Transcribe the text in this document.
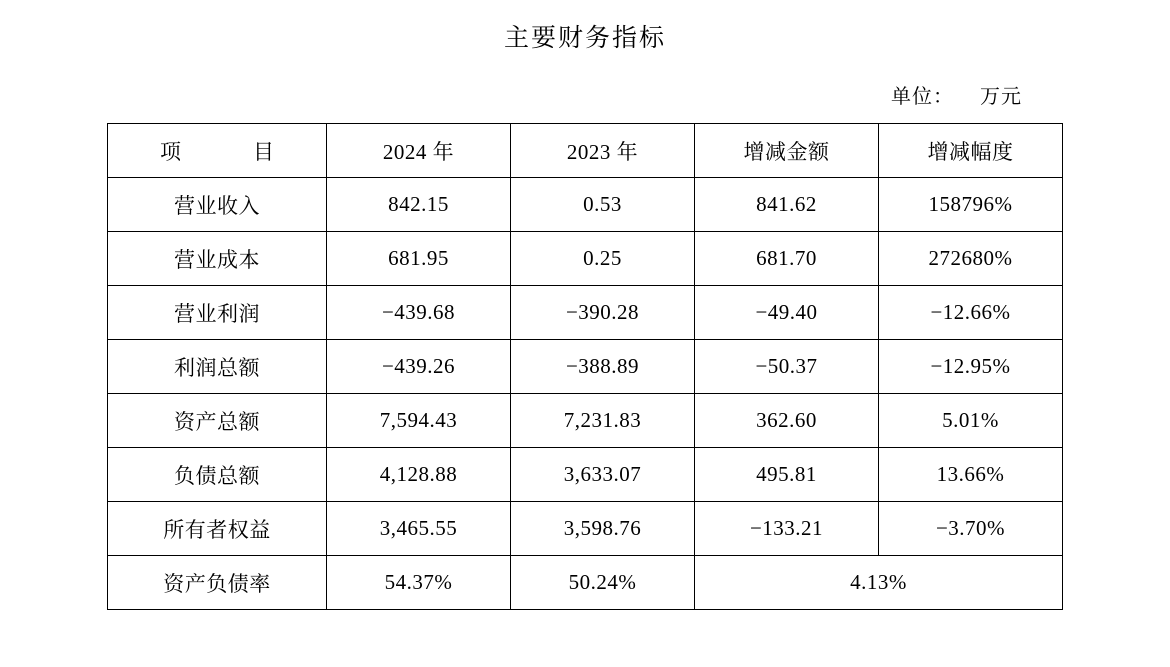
主要财务指标
单位： 万元
项　　目	2024 年	2023 年	增减金额	增减幅度
营业收入	842.15	0.53	841.62	158796%
营业成本	681.95	0.25	681.70	272680%
营业利润	−439.68	−390.28	−49.40	−12.66%
利润总额	−439.26	−388.89	−50.37	−12.95%
资产总额	7,594.43	7,231.83	362.60	5.01%
负债总额	4,128.88	3,633.07	495.81	13.66%
所有者权益	3,465.55	3,598.76	−133.21	−3.70%
资产负债率	54.37%	50.24%	4.13%	
